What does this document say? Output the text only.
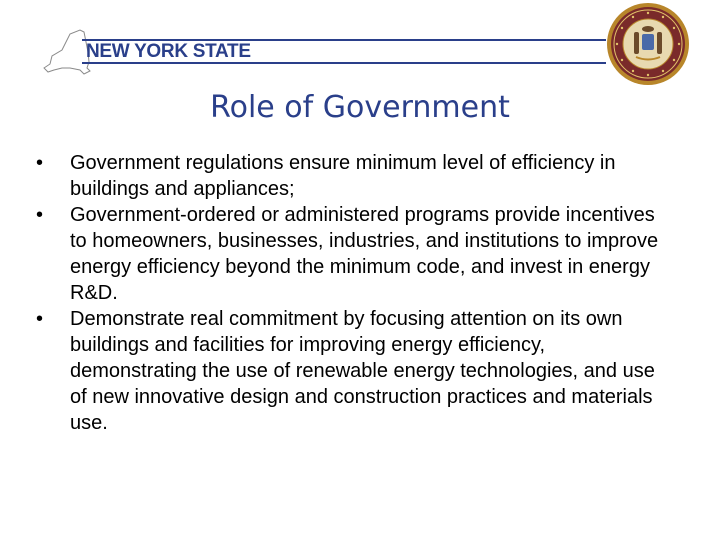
NEW YORK STATE
Role of Government
• Government regulations ensure minimum level of efficiency in buildings and appliances;
• Government-ordered or administered programs provide incentives to homeowners, businesses, industries, and institutions to improve energy efficiency beyond the minimum code, and invest in energy R&D.
• Demonstrate real commitment by focusing attention on its own buildings and facilities for improving energy efficiency, demonstrating the use of renewable energy technologies, and use of new innovative design and construction practices and materials use.
